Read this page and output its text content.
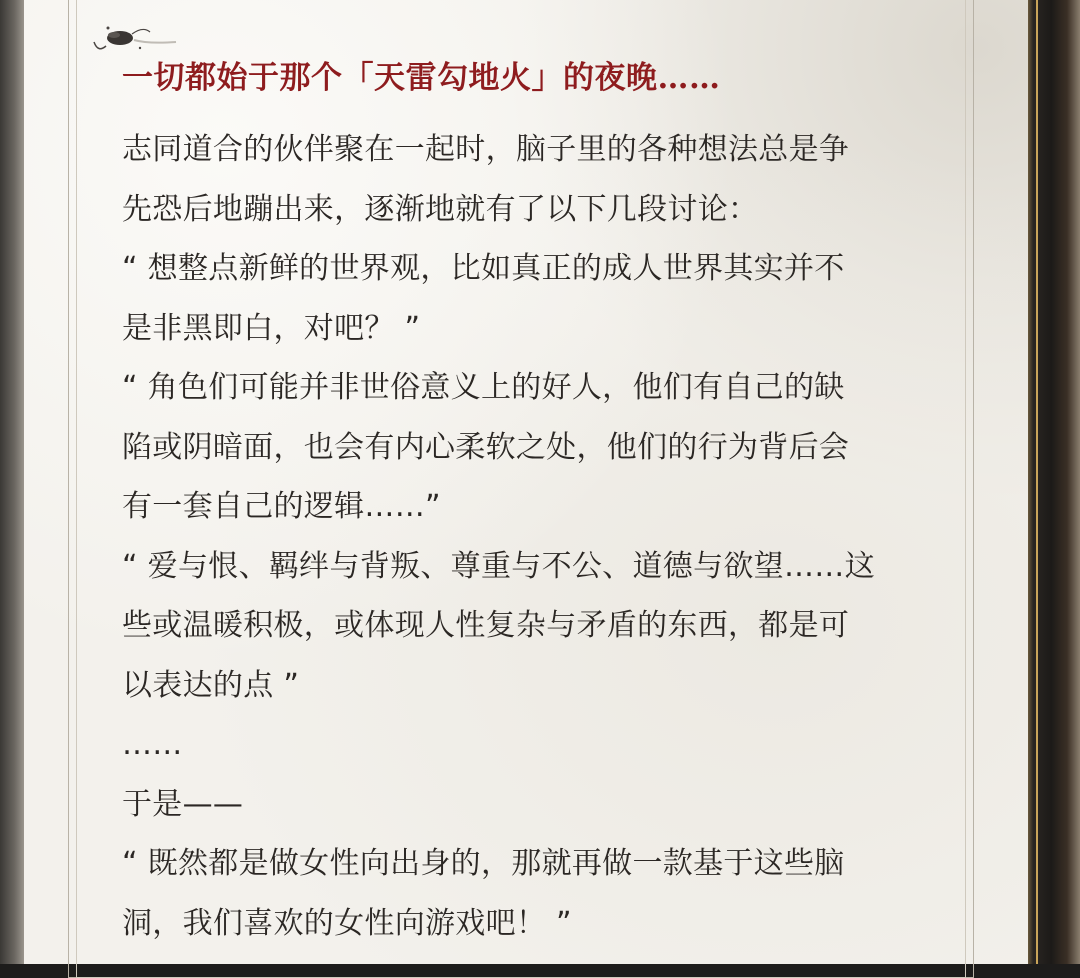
一切都始于那个「天雷勾地火」的夜晚……
志同道合的伙伴聚在一起时，脑子里的各种想法总是争
先恐后地蹦出来，逐渐地就有了以下几段讨论：
“ 想整点新鲜的世界观，比如真正的成人世界其实并不
是非黑即白，对吧？ ”
“ 角色们可能并非世俗意义上的好人，他们有自己的缺
陷或阴暗面，也会有内心柔软之处，他们的行为背后会
有一套自己的逻辑……”
“ 爱与恨、羁绊与背叛、尊重与不公、道德与欲望……这
些或温暖积极，或体现人性复杂与矛盾的东西，都是可
以表达的点 ”
……
于是——
“ 既然都是做女性向出身的，那就再做一款基于这些脑
洞，我们喜欢的女性向游戏吧！ ”
